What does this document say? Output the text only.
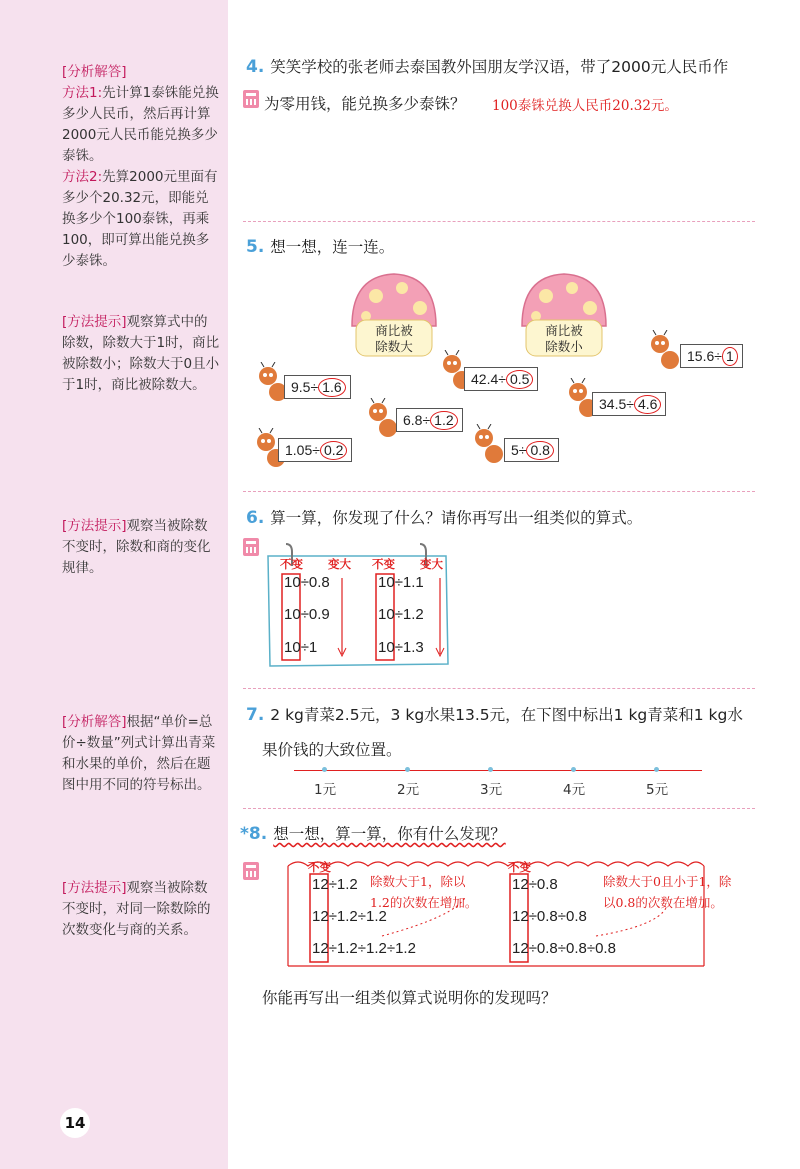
[分析解答]
方法1:先计算1泰铢能兑换多少人民币，然后再计算2000元人民币能兑换多少泰铢。
方法2:先算2000元里面有多少个20.32元，即能兑换多少个100泰铢，再乘100，即可算出能兑换多少泰铢。
[方法提示]观察算式中的除数，除数大于1时，商比被除数小；除数大于0且小于1时，商比被除数大。
[方法提示]观察当被除数不变时，除数和商的变化规律。
[分析解答]根据“单价=总价÷数量”列式计算出青菜和水果的单价，然后在题图中用不同的符号标出。
[方法提示]观察当被除数不变时，对同一除数除的次数变化与商的关系。
14
4. 笑笑学校的张老师去泰国教外国朋友学汉语，带了2000元人民币作
为零用钱，能兑换多少泰铢？ 100泰铢兑换人民币20.32元。
5. 想一想，连一连。
商比被
除数大
商比被
除数小
9.5÷ 1.6	42.4÷ 0.5
15.6÷ 1
6.8÷ 1.2
34.5÷ 4.6
1.05÷ 0.2	5÷ 0.8
6. 算一算，你发现了什么？请你再写出一组类似的算式。
不变 变大 不变 变大
10÷0.8
10÷0.9
10÷1
10÷1.1
10÷1.2
10÷1.3
7. 2 kg青菜2.5元，3 kg水果13.5元，在下图中标出1 kg青菜和1 kg水
果价钱的大致位置。
1元	2元	3元	4元	5元
*8. 想一想，算一算，你有什么发现？
不变	不变
12÷1.2
12÷1.2÷1.2
12÷1.2÷1.2÷1.2
12÷0.8
12÷0.8÷0.8
12÷0.8÷0.8÷0.8
除数大于1，除以
1.2的次数在增加。
除数大于0且小于1，除
以0.8的次数在增加。
你能再写出一组类似算式说明你的发现吗？
